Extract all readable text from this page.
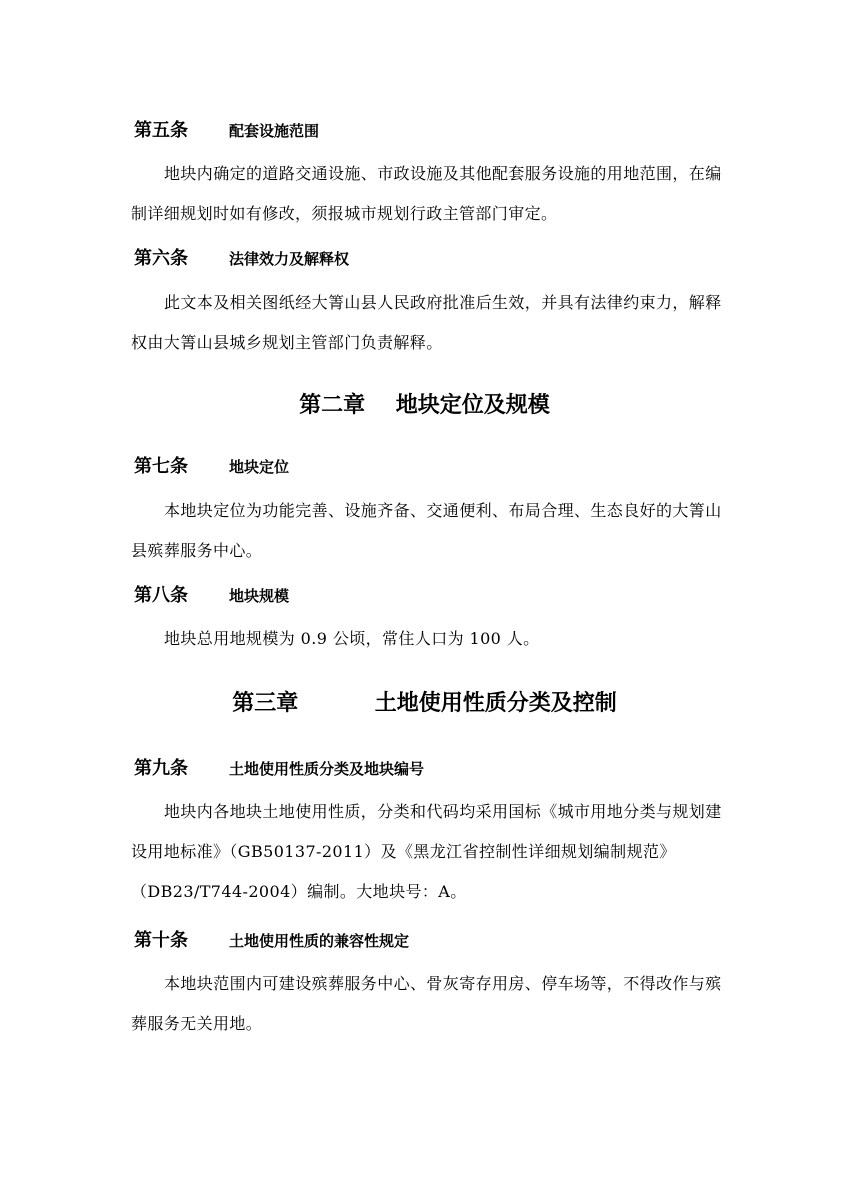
第五条	配套设施范围

地块内确定的道路交通设施、市政设施及其他配套服务设施的用地范围，在编制详细规划时如有修改，须报城市规划行政主管部门审定。

第六条	法律效力及解释权

此文本及相关图纸经大箐山县人民政府批准后生效，并具有法律约束力，解释权由大箐山县城乡规划主管部门负责解释。

第二章    地块定位及规模
第七条	地块定位

本地块定位为功能完善、设施齐备、交通便利、布局合理、生态良好的大箐山县殡葬服务中心。

第八条	地块规模

地块总用地规模为 0.9 公顷，常住人口为 100 人。

第三章          土地使用性质分类及控制
第九条	土地使用性质分类及地块编号

地块内各地块土地使用性质，分类和代码均采用国标《城市用地分类与规划建设用地标准》（GB50137-2011）及《黑龙江省控制性详细规划编制规范》（DB23/T744-2004）编制。大地块号：A。

第十条	土地使用性质的兼容性规定

本地块范围内可建设殡葬服务中心、骨灰寄存用房、停车场等，不得改作与殡葬服务无关用地。
